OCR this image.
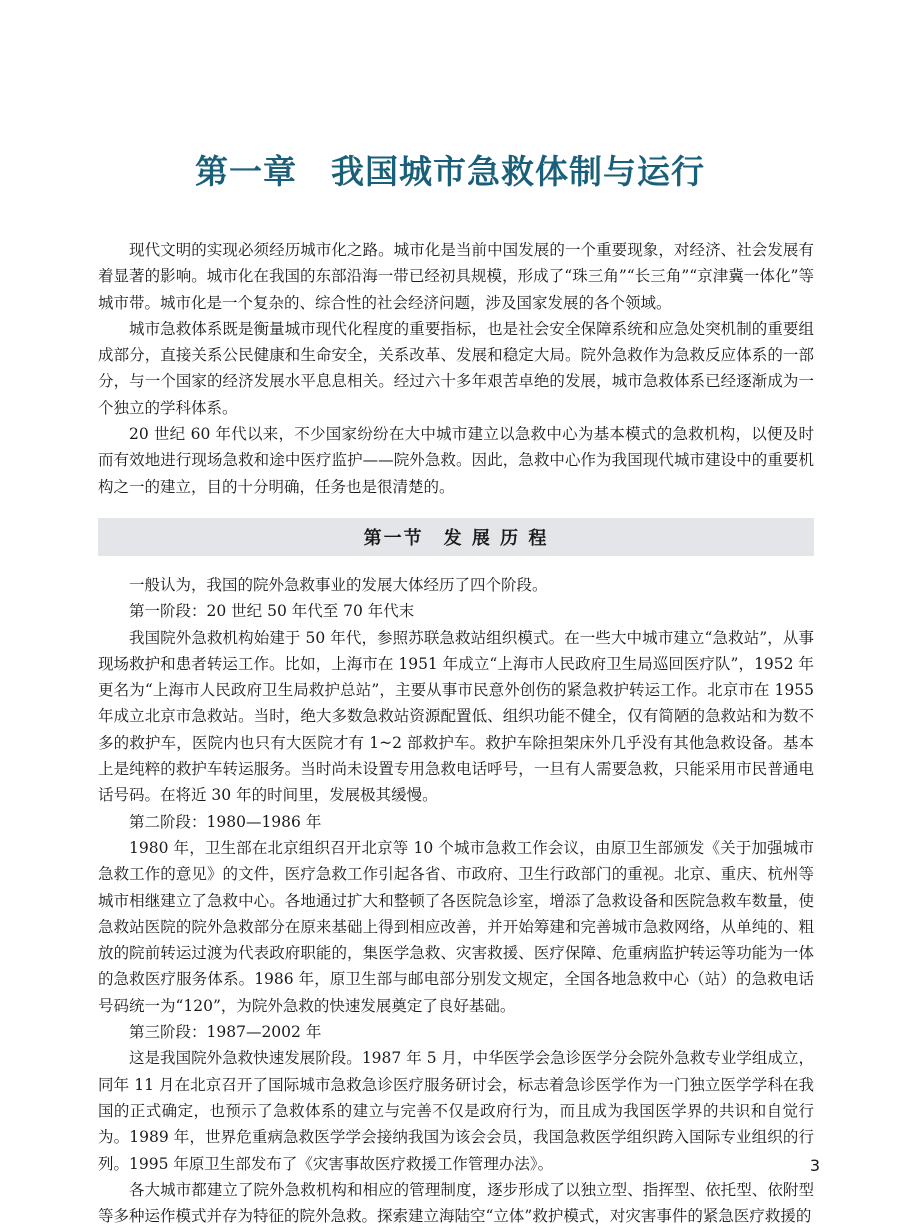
第一章　我国城市急救体制与运行

现代文明的实现必须经历城市化之路。城市化是当前中国发展的一个重要现象，对经济、社会发展有着显著的影响。城市化在我国的东部沿海一带已经初具规模，形成了“珠三角”“长三角”“京津冀一体化”等城市带。城市化是一个复杂的、综合性的社会经济问题，涉及国家发展的各个领域。

城市急救体系既是衡量城市现代化程度的重要指标，也是社会安全保障系统和应急处突机制的重要组成部分，直接关系公民健康和生命安全，关系改革、发展和稳定大局。院外急救作为急救反应体系的一部分，与一个国家的经济发展水平息息相关。经过六十多年艰苦卓绝的发展，城市急救体系已经逐渐成为一个独立的学科体系。

20 世纪 60 年代以来，不少国家纷纷在大中城市建立以急救中心为基本模式的急救机构，以便及时而有效地进行现场急救和途中医疗监护——院外急救。因此，急救中心作为我国现代城市建设中的重要机构之一的建立，目的十分明确，任务也是很清楚的。

第一节　发 展 历 程

一般认为，我国的院外急救事业的发展大体经历了四个阶段。

第一阶段：20 世纪 50 年代至 70 年代末

我国院外急救机构始建于 50 年代，参照苏联急救站组织模式。在一些大中城市建立“急救站”，从事现场救护和患者转运工作。比如，上海市在 1951 年成立“上海市人民政府卫生局巡回医疗队”，1952 年更名为“上海市人民政府卫生局救护总站”，主要从事市民意外创伤的紧急救护转运工作。北京市在 1955 年成立北京市急救站。当时，绝大多数急救站资源配置低、组织功能不健全，仅有简陋的急救站和为数不多的救护车，医院内也只有大医院才有 1~2 部救护车。救护车除担架床外几乎没有其他急救设备。基本上是纯粹的救护车转运服务。当时尚未设置专用急救电话呼号，一旦有人需要急救，只能采用市民普通电话号码。在将近 30 年的时间里，发展极其缓慢。

第二阶段：1980—1986 年

1980 年，卫生部在北京组织召开北京等 10 个城市急救工作会议，由原卫生部颁发《关于加强城市急救工作的意见》的文件，医疗急救工作引起各省、市政府、卫生行政部门的重视。北京、重庆、杭州等城市相继建立了急救中心。各地通过扩大和整顿了各医院急诊室，增添了急救设备和医院急救车数量，使急救站医院的院外急救部分在原来基础上得到相应改善，并开始筹建和完善城市急救网络，从单纯的、粗放的院前转运过渡为代表政府职能的，集医学急救、灾害救援、医疗保障、危重病监护转运等功能为一体的急救医疗服务体系。1986 年，原卫生部与邮电部分别发文规定，全国各地急救中心（站）的急救电话号码统一为“120”，为院外急救的快速发展奠定了良好基础。

第三阶段：1987—2002 年

这是我国院外急救快速发展阶段。1987 年 5 月，中华医学会急诊医学分会院外急救专业学组成立，同年 11 月在北京召开了国际城市急救急诊医疗服务研讨会，标志着急诊医学作为一门独立医学学科在我国的正式确定，也预示了急救体系的建立与完善不仅是政府行为，而且成为我国医学界的共识和自觉行为。1989 年，世界危重病急救医学学会接纳我国为该会会员，我国急救医学组织跨入国际专业组织的行列。1995 年原卫生部发布了《灾害事故医疗救援工作管理办法》。

各大城市都建立了院外急救机构和相应的管理制度，逐步形成了以独立型、指挥型、依托型、依附型等多种运作模式并存为特征的院外急救。探索建立海陆空“立体”救护模式，对灾害事件的紧急医疗救援的

3
